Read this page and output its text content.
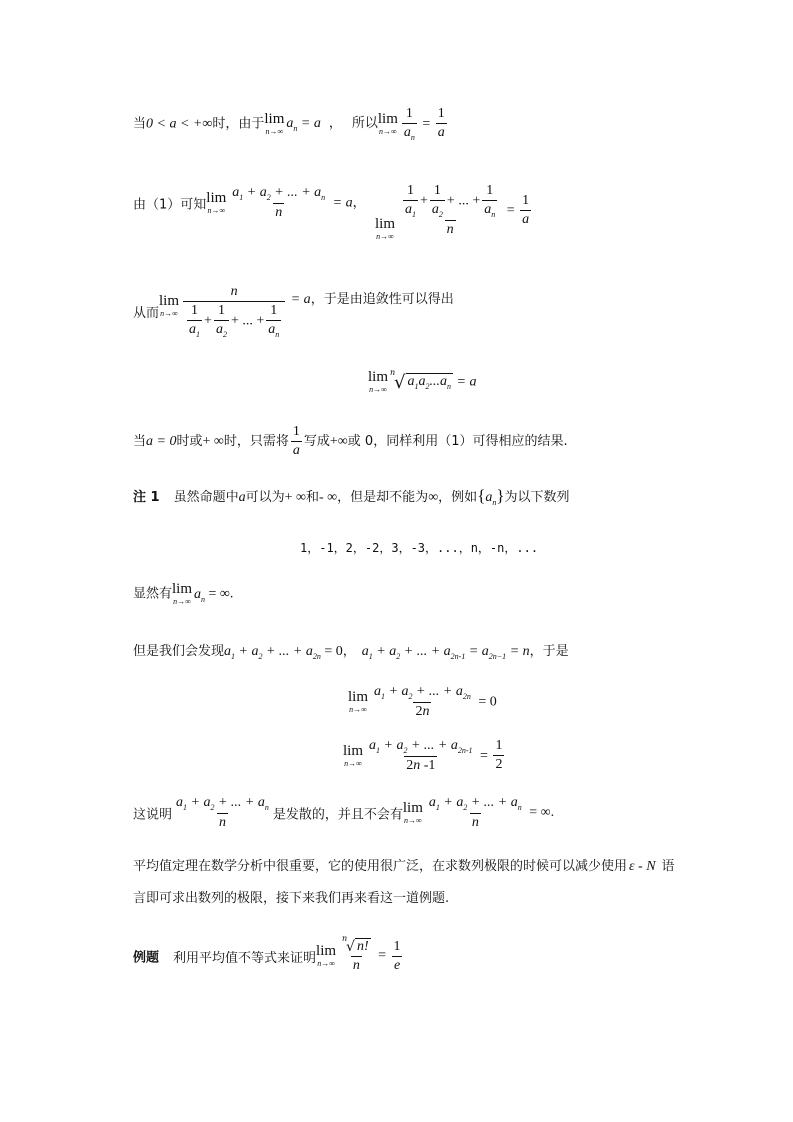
当0 < a < +∞时，由于 lim
n→∞ $a_n = a$ ， 所以 lim
$n\to\infty \frac{1}{a_n} = \frac{1}{a}$
由（1）可知 lim
$n\to\infty \frac{a_1 + a_2 + ... + a_n}{n} = a$，
lim
$n\to\infty \frac{\frac{1}{a_1} + \frac{1}{a_2} + ... + \frac{1}{a_n}}{n} = \frac{1}{a}$
从而
lim
$n\to\infty \frac{n}{\frac{1}{a_1} + \frac{1}{a_2} + ... + \frac{1}{a_n}} = a$，于是由追敛性可以得出
lim
n→∞
n
√ $a_1a_2...a_n = a$
当a = 0时或+ ∞时，只需将 $\frac{1}{a}$ 写成+∞或 0，同样利用（1）可得相应的结果.
注 1 虽然命题中a可以为+ ∞和- ∞，但是却不能为∞，例如$\{a_n\}$为以下数列
1，-1，2，-2，3，-3，...，n，-n，...
显然有 lim
n→∞ $a_n$ = ∞.
但是我们会发现$a_1 + a_2$ + ... + $a_{2n} = 0$， $a_1 + a_2$ + ... + $a_{2n-1} = a_{2n-1} = n$，于是
lim
$n\to\infty \frac{a_1 + a_2 + ... + a_{2n}}{2n} = 0$
lim
$n\to\infty \frac{a_1 + a_2 + ... + a_{2n-1}}{2n -1} = \frac{1}{2}$
这说明 $\frac{a_1 + a_2 + ... + a_n}{n}$ 是发散的，并且不会有 lim
$n\to\infty \frac{a_1 + a_2 + ... + a_n}{n}$ = ∞.
平均值定理在数学分析中很重要，它的使用很广泛，在求数列极限的时候可以减少使用 ε - N 语
言即可求出数列的极限，接下来我们再来看这一道例题.
例题 利用平均值不等式来证明 lim
n→∞ n
√ n!
$n = \frac{1}{e}$
